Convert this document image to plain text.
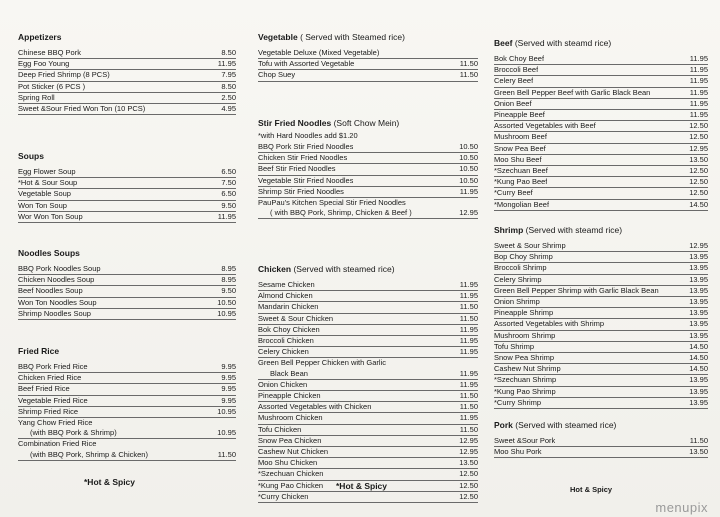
Appetizers
Chinese BBQ Pork	8.50
Egg Foo Young	11.95
Deep Fried Shrimp (8 PCS)	7.95
Pot Sticker (6 PCS )	8.50
Spring Roll	2.50
Sweet &Sour Fried Won Ton (10 PCS)	4.95
Soups
Egg Flower Soup	6.50
*Hot & Sour Soup	7.50
Vegetable Soup	6.50
Won Ton Soup	9.50
Wor Won Ton Soup	11.95
Noodles Soups
BBQ Pork Noodles Soup	8.95
Chicken Noodles Soup	8.95
Beef Noodles Soup	9.50
Won Ton Noodles Soup	10.50
Shrimp Noodles Soup	10.95
Fried Rice
BBQ Pork Fried Rice	9.95
Chicken Fried Rice	9.95
Beef Fried Rice	9.95
Vegetable Fried Rice	9.95
Shrimp Fried Rice	10.95
Yang Chow Fried Rice
(with BBQ Pork & Shrimp)	10.95
Combination Fried Rice
(with BBQ Pork, Shrimp & Chicken)	11.50
*Hot & Spicy
Vegetable ( Served with Steamed rice)
Vegetable Deluxe (Mixed Vegetable)
Tofu with Assorted Vegetable	11.50
Chop Suey	11.50
Stir Fried Noodles (Soft Chow Mein)
*with Hard Noodles add $1.20
BBQ Pork Stir Fried Noodles	10.50
Chicken Stir Fried Noodles	10.50
Beef Stir Fried Noodles	10.50
Vegetable Stir Fried Noodles	10.50
Shrimp Stir Fried Noodles	11.95
PauPau's Kitchen Special Stir Fried Noodles
( with BBQ Pork, Shrimp, Chicken & Beef )	12.95
Chicken (Served with steamed rice)
Sesame Chicken	11.95
Almond Chicken	11.95
Mandarin Chicken	11.50
Sweet & Sour Chicken	11.50
Bok Choy Chicken	11.95
Broccoli Chicken	11.95
Celery Chicken	11.95
Green Bell Pepper Chicken with Garlic
Black Bean	11.95
Onion Chicken	11.95
Pineapple Chicken	11.50
Assorted Vegetables with Chicken	11.50
Mushroom Chicken	11.95
Tofu Chicken	11.50
Snow Pea Chicken	12.95
Cashew Nut Chicken	12.95
Moo Shu Chicken	13.50
*Szechuan Chicken	12.50
*Kung Pao Chicken	12.50
*Curry Chicken	12.50
*Hot & Spicy
Beef (Served with steamd rice)
Bok Choy Beef	11.95
Broccoli Beef	11.95
Celery Beef	11.95
Green Bell Pepper Beef with Garlic Black Bean	11.95
Onion Beef	11.95
Pineapple Beef	11.95
Assorted Vegetables with Beef	12.50
Mushroom Beef	12.50
Snow Pea Beef	12.95
Moo Shu Beef	13.50
*Szechuan Beef	12.50
*Kung Pao Beef	12.50
*Curry Beef	12.50
*Mongolian Beef	14.50
Shrimp (Served with steamd rice)
Sweet & Sour Shrimp	12.95
Bop Choy Shrimp	13.95
Broccoli Shrimp	13.95
Celery Shrimp	13.95
Green Bell Pepper Shrimp with Garlic Black Bean	13.95
Onion Shrimp	13.95
Pineapple Shrimp	13.95
Assorted Vegetables with Shrimp	13.95
Mushroom Shrimp	13.95
Tofu Shrimp	14.50
Snow Pea Shrimp	14.50
Cashew Nut Shrimp	14.50
*Szechuan Shrimp	13.95
*Kung Pao Shrimp	13.95
*Curry Shrimp	13.95
Pork (Served with steamed rice)
Sweet &Sour Pork	11.50
Moo Shu Pork	13.50
Hot & Spicy
menupix
